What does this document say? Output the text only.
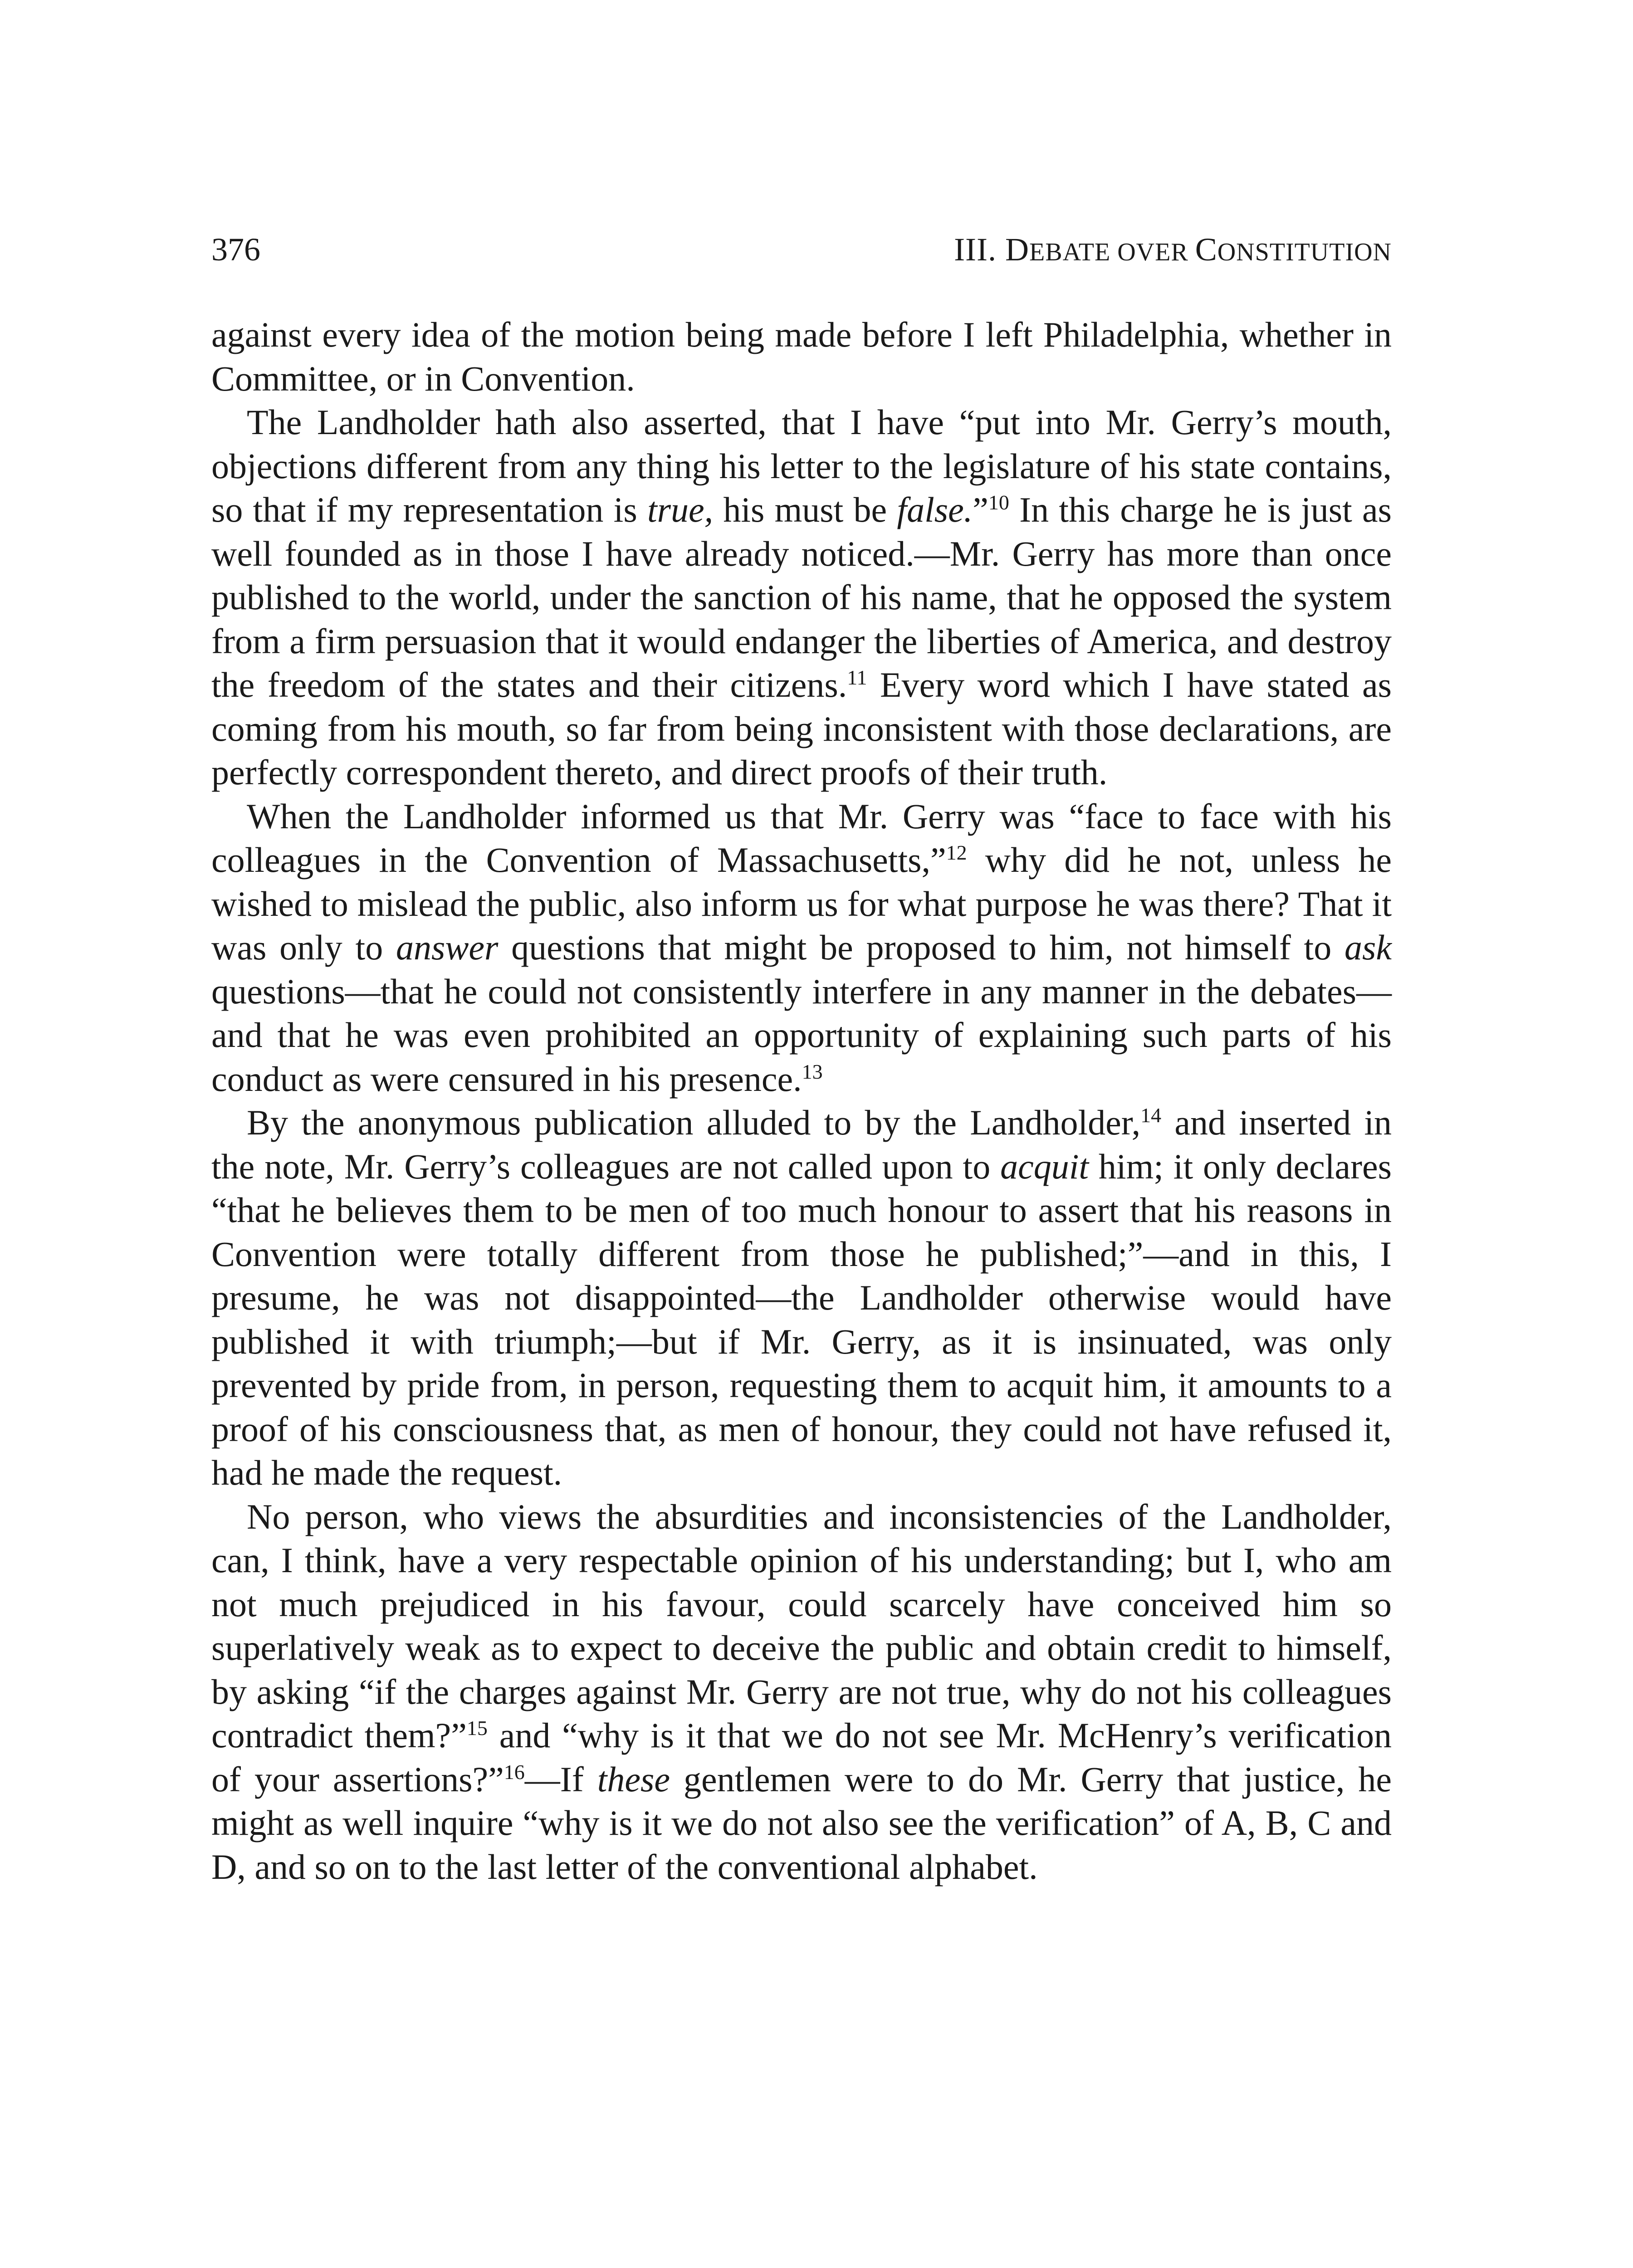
376	III. DEBATE OVER CONSTITUTION

against every idea of the motion being made before I left Philadelphia, whether in Committee, or in Convention.

The Landholder hath also asserted, that I have “put into Mr. Gerry’s mouth, objections different from any thing his letter to the legislature of his state contains, so that if my representation is true, his must be false.”$^{10}$ In this charge he is just as well founded as in those I have already noticed.—Mr. Gerry has more than once published to the world, under the sanction of his name, that he opposed the system from a firm persuasion that it would endanger the liberties of America, and destroy the freedom of the states and their citizens.$^{11}$ Every word which I have stated as coming from his mouth, so far from being inconsistent with those declarations, are perfectly correspondent thereto, and direct proofs of their truth.

When the Landholder informed us that Mr. Gerry was “face to face with his colleagues in the Convention of Massachusetts,”$^{12}$ why did he not, unless he wished to mislead the public, also inform us for what purpose he was there? That it was only to answer questions that might be proposed to him, not himself to ask questions—that he could not consistently interfere in any manner in the debates—and that he was even prohibited an opportunity of explaining such parts of his conduct as were censured in his presence.$^{13}$

By the anonymous publication alluded to by the Landholder,$^{14}$ and inserted in the note, Mr. Gerry’s colleagues are not called upon to acquit him; it only declares “that he believes them to be men of too much honour to assert that his reasons in Convention were totally different from those he published;”—and in this, I presume, he was not disappointed—the Landholder otherwise would have published it with triumph;—but if Mr. Gerry, as it is insinuated, was only prevented by pride from, in person, requesting them to acquit him, it amounts to a proof of his consciousness that, as men of honour, they could not have refused it, had he made the request.

No person, who views the absurdities and inconsistencies of the Landholder, can, I think, have a very respectable opinion of his understanding; but I, who am not much prejudiced in his favour, could scarcely have conceived him so superlatively weak as to expect to deceive the public and obtain credit to himself, by asking “if the charges against Mr. Gerry are not true, why do not his colleagues contradict them?”$^{15}$ and “why is it that we do not see Mr. McHenry’s verification of your assertions?”$^{16}$—If these gentlemen were to do Mr. Gerry that justice, he might as well inquire “why is it we do not also see the verification” of A, B, C and D, and so on to the last letter of the conventional alphabet.
